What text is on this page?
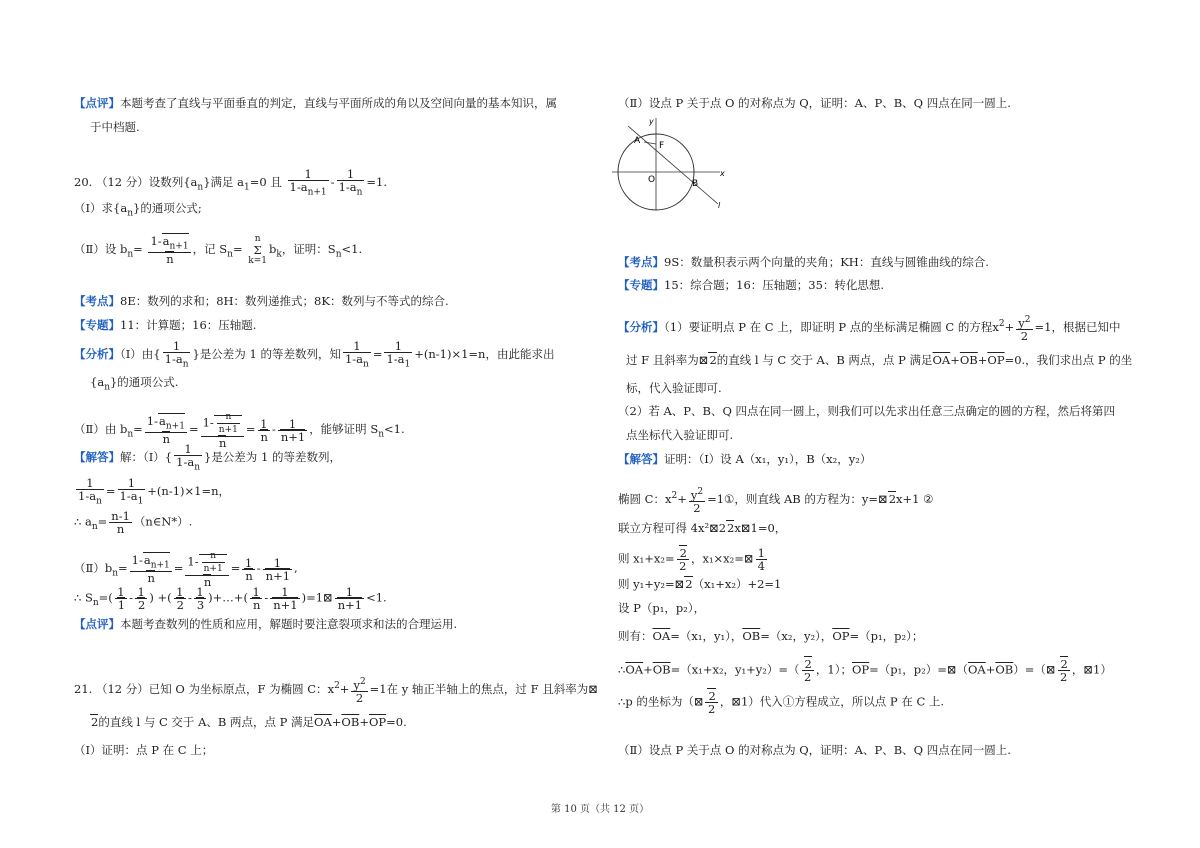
【点评】本题考查了直线与平面垂直的判定，直线与平面所成的角以及空间向量的基本知识，属
于中档题.
20. （12 分）设数列$\{a_n\}$满足 $a_1=0$ 且 $\frac{1}{1-a_{n+1}} - \frac{1}{1-a_n} =1$.
（Ⅰ）求$\{a_n\}$的通项公式;
（Ⅱ）设 $b_n= \frac{1-a_{n+1}}{n}$ ，记 $S_n=$
n
Σ
k=1
$b_k$，证明：$S_n<1$.
【考点】8E：数列的求和；8H：数列递推式；8K：数列与不等式的综合.
【专题】11：计算题；16：压轴题.
【分析】（Ⅰ）由{ $\frac{1}{1-a_n}$ }是公差为 1 的等差数列，知 $\frac{1}{1-a_n} = \frac{1}{1-a_1} +(n-1)\times 1=n$，由此能求出
$\{a_n\}$的通项公式.
（Ⅱ）由 $b_n= \frac{1-a_{n+1}}{n} = \frac{1- \frac{n}{n+1}}{n} = \frac{1}{n} - \frac{1}{n+1}$ ，能够证明 $S_n<1$.
【解答】解：（Ⅰ）{ $\frac{1}{1-a_n}$ }是公差为 1 的等差数列，
$\frac{1}{1-a_n} = \frac{1}{1-a_1} +(n-1)\times 1=n$，
∴ $a_n= \frac{n-1}{n}$ （n∈N*）.
$(Ⅱ)b_n= \frac{1-a_{n+1}}{n} = \frac{1- \frac{n}{n+1}}{n} = \frac{1}{n} - \frac{1}{n+1}$ ,
∴ $S_n=( \frac{1}{1} - \frac{1}{2}$ ) +( $\frac{1}{2} - \frac{1}{3}$ )+…+( $\frac{1}{n} - \frac{1}{n+1}$ )=1⊠ $\frac{1}{n+1} <1$.
【点评】本题考查数列的性质和应用，解题时要注意裂项求和法的合理运用.
21. （12 分）已知 O 为坐标原点，F 为椭圆 C：$x^2+ \frac{y^2}{2} =1$在 y 轴正半轴上的焦点，过 F 且斜率为⊠
2的直线 l 与 C 交于 A、B 两点，点 P 满足$\overline{OA}+\overline{OB}+\overline{OP}=0$.
（Ⅰ）证明：点 P 在 C 上；
（Ⅱ）设点 P 关于点 O 的对称点为 Q，证明：A、P、B、Q 四点在同一圆上.
A F
O	B
x
y
l
【考点】9S：数量积表示两个向量的夹角；KH：直线与圆锥曲线的综合.
【专题】15：综合题；16：压轴题；35：转化思想.
【分析】（1）要证明点 P 在 C 上，即证明 P 点的坐标满足椭圆 C 的方程$x^2+ \frac{y^2}{2} =1$，根据已知中
过 F 且斜率为⊠2的直线 l 与 C 交于 A、B 两点，点 P 满足$\overline{OA}+\overline{OB}+\overline{OP}=0$.，我们求出点 P 的坐
标，代入验证即可.
（2）若 A、P、B、Q 四点在同一圆上，则我们可以先求出任意三点确定的圆的方程，然后将第四
点坐标代入验证即可.
【解答】证明：（Ⅰ）设 A（x₁，y₁），B（x₂，y₂）
椭圆 C：$x^2+ \frac{y^2}{2}$ =1①，则直线 AB 的方程为：y=⊠2x+1 ②
联立方程可得 4x²⊠22x⊠1=0，
则 $x_1+x_2= \frac{2}{2}$ ，x₁×x₂=⊠ $\frac{1}{4}$
则 y₁+y₂=⊠2（x₁+x₂）+2=1
设 P（p₁，p₂），
则有：$\overline{OA}=(x_1$，y₁），$\overline{OB}=(x_2$，y₂），$\overline{OP}=(p_1$，p₂）；
$\therefore\overline{OA}+\overline{OB}=(x_1+x_2$，$y_1+y_2)=( \frac{2}{2}$ ，1）；$\overline{OP}=(p_1$，$p_2)=⊠(\overline{OA}+\overline{OB})=(⊠ \frac{2}{2}$ ，⊠1）
∴p 的坐标为（⊠ $\frac{2}{2}$ ，⊠1）代入①方程成立，所以点 P 在 C 上.
（Ⅱ）设点 P 关于点 O 的对称点为 Q，证明：A、P、B、Q 四点在同一圆上.
第 10 页（共 12 页）
